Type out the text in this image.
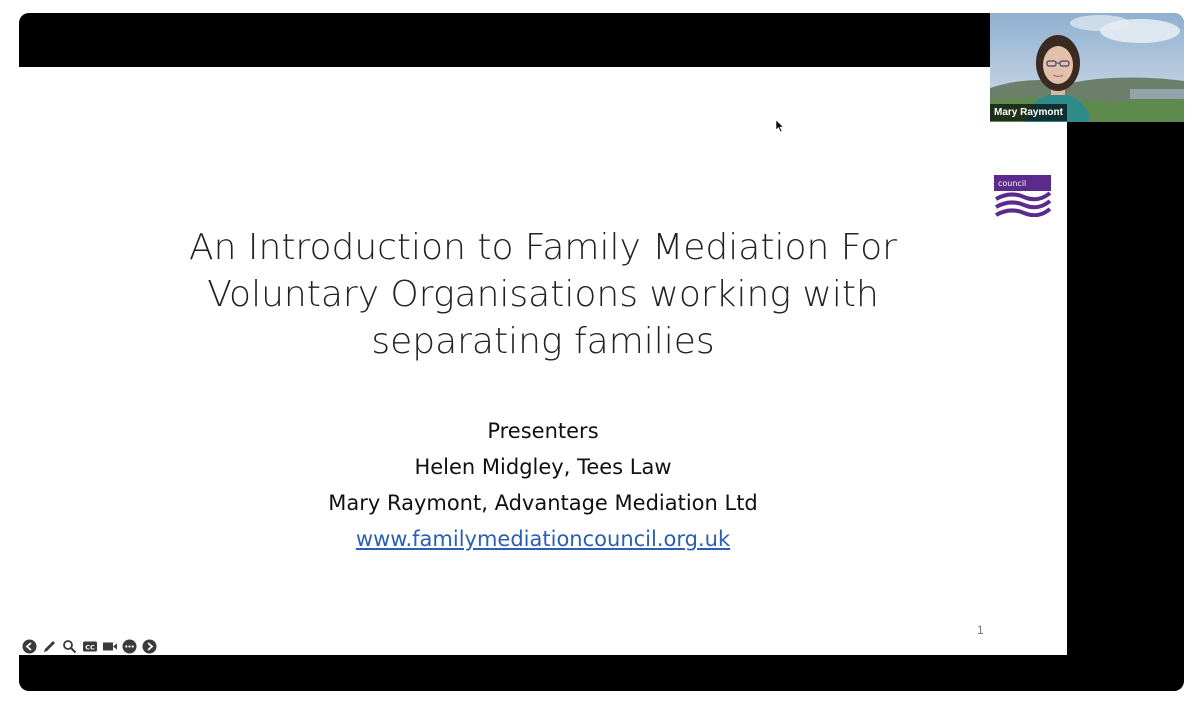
An Introduction to Family Mediation For
Voluntary Organisations working with
separating families
Presenters
Helen Midgley, Tees Law
Mary Raymont, Advantage Mediation Ltd
www.familymediationcouncil.org.uk
1
council
CC
Mary Raymont
